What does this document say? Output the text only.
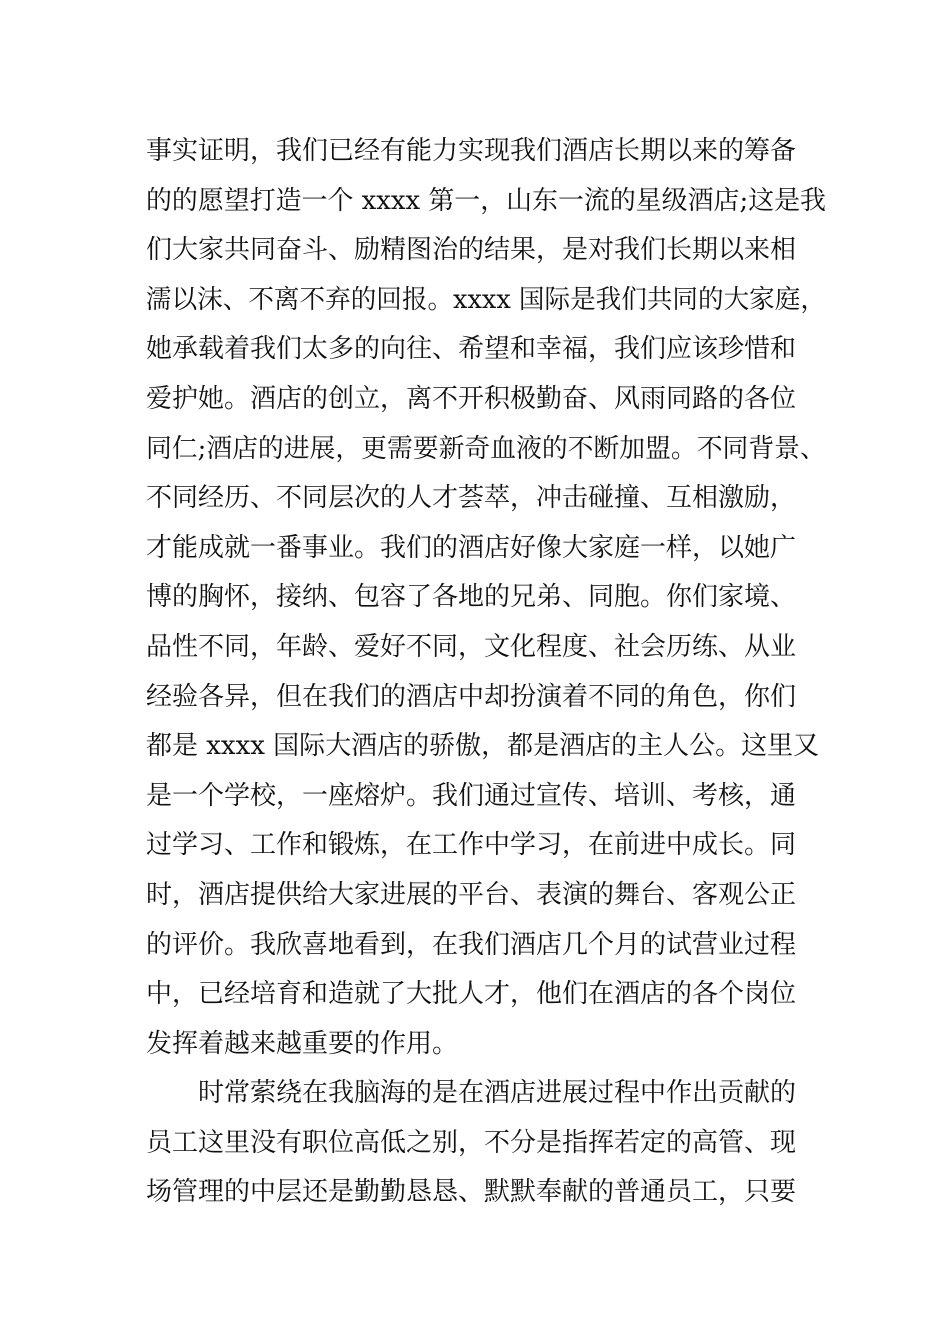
事实证明，我们已经有能力实现我们酒店长期以来的筹备
的的愿望打造一个 xxxx 第一，山东一流的星级酒店;这是我
们大家共同奋斗、励精图治的结果，是对我们长期以来相
濡以沫、不离不弃的回报。xxxx 国际是我们共同的大家庭，
她承载着我们太多的向往、希望和幸福，我们应该珍惜和
爱护她。酒店的创立，离不开积极勤奋、风雨同路的各位
同仁;酒店的进展，更需要新奇血液的不断加盟。不同背景、
不同经历、不同层次的人才荟萃，冲击碰撞、互相激励，
才能成就一番事业。我们的酒店好像大家庭一样，以她广
博的胸怀，接纳、包容了各地的兄弟、同胞。你们家境、
品性不同，年龄、爱好不同，文化程度、社会历练、从业
经验各异，但在我们的酒店中却扮演着不同的角色，你们
都是 xxxx 国际大酒店的骄傲，都是酒店的主人公。这里又
是一个学校，一座熔炉。我们通过宣传、培训、考核，通
过学习、工作和锻炼，在工作中学习，在前进中成长。同
时，酒店提供给大家进展的平台、表演的舞台、客观公正
的评价。我欣喜地看到，在我们酒店几个月的试营业过程
中，已经培育和造就了大批人才，他们在酒店的各个岗位
发挥着越来越重要的作用。
时常萦绕在我脑海的是在酒店进展过程中作出贡献的
员工这里没有职位高低之别，不分是指挥若定的高管、现
场管理的中层还是勤勤恳恳、默默奉献的普通员工，只要
